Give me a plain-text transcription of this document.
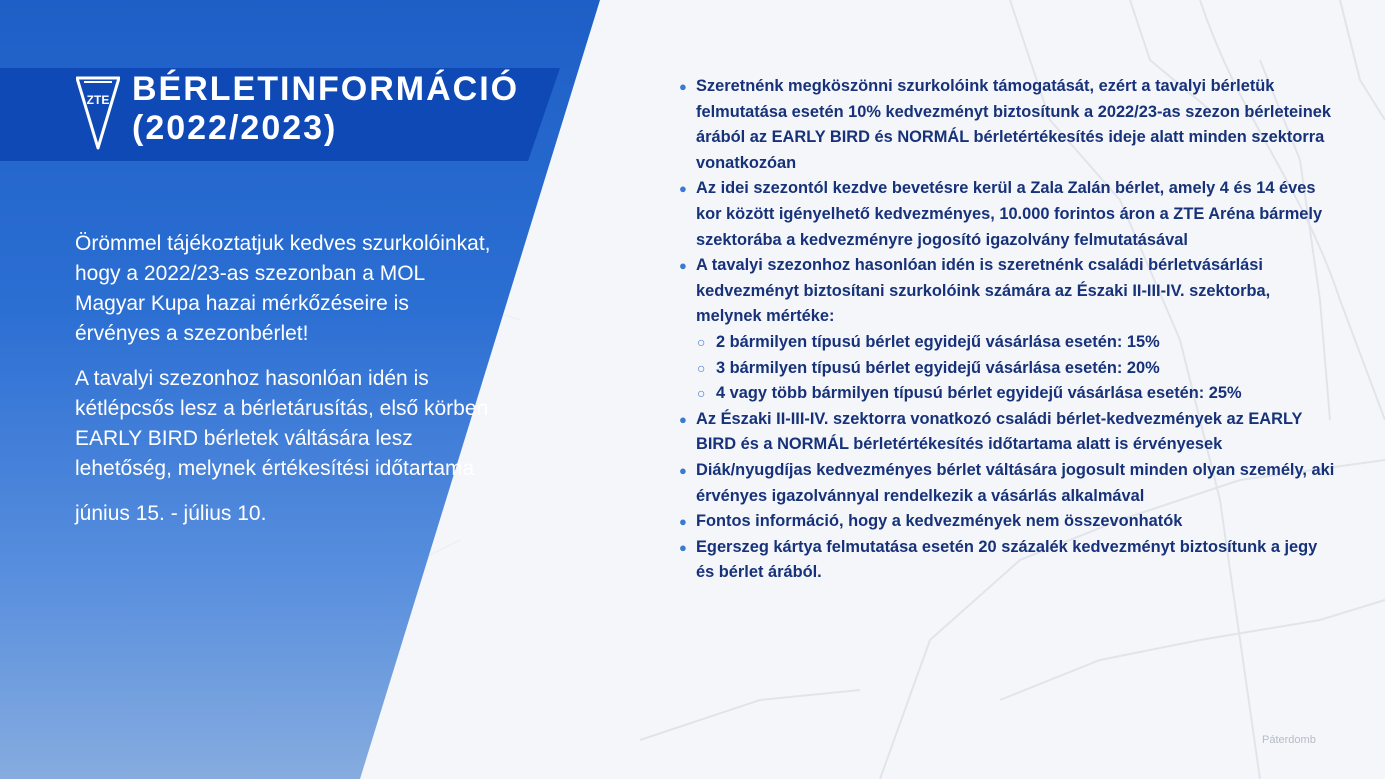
Páterdomb
ZTE BÉRLETINFORMÁCIÓ
(2022/2023)

Örömmel tájékoztatjuk kedves szurkolóinkat, hogy a 2022/23-as szezonban a MOL Magyar Kupa hazai mérkőzéseire is érvényes a szezonbérlet!

A tavalyi szezonhoz hasonlóan idén is kétlépcsős lesz a bérletárusítás, első körben EARLY BIRD bérletek váltására lesz lehetőség, melynek értékesítési időtartama

június 15. - július 10.

● Szeretnénk megköszönni szurkolóink támogatását, ezért a tavalyi bérletük felmutatása esetén 10% kedvezményt biztosítunk a 2022/23-as szezon bérleteinek árából az EARLY BIRD és NORMÁL bérletértékesítés ideje alatt minden szektorra vonatkozóan
● Az idei szezontól kezdve bevetésre kerül a Zala Zalán bérlet, amely 4 és 14 éves kor között igényelhető kedvezményes, 10.000 forintos áron a ZTE Aréna bármely szektorába a kedvezményre jogosító igazolvány felmutatásával
● A tavalyi szezonhoz hasonlóan idén is szeretnénk családi bérletvásárlási kedvezményt biztosítani szurkolóink számára az Északi II-III-IV. szektorba, melynek mértéke:
○ 2 bármilyen típusú bérlet egyidejű vásárlása esetén: 15%
○ 3 bármilyen típusú bérlet egyidejű vásárlása esetén: 20%
○ 4 vagy több bármilyen típusú bérlet egyidejű vásárlása esetén: 25%
● Az Északi II-III-IV. szektorra vonatkozó családi bérlet-kedvezmények az EARLY BIRD és a NORMÁL bérletértékesítés időtartama alatt is érvényesek
● Diák/nyugdíjas kedvezményes bérlet váltására jogosult minden olyan személy, aki érvényes igazolvánnyal rendelkezik a vásárlás alkalmával
● Fontos információ, hogy a kedvezmények nem összevonhatók
● Egerszeg kártya felmutatása esetén 20 százalék kedvezményt biztosítunk a jegy és bérlet árából.
